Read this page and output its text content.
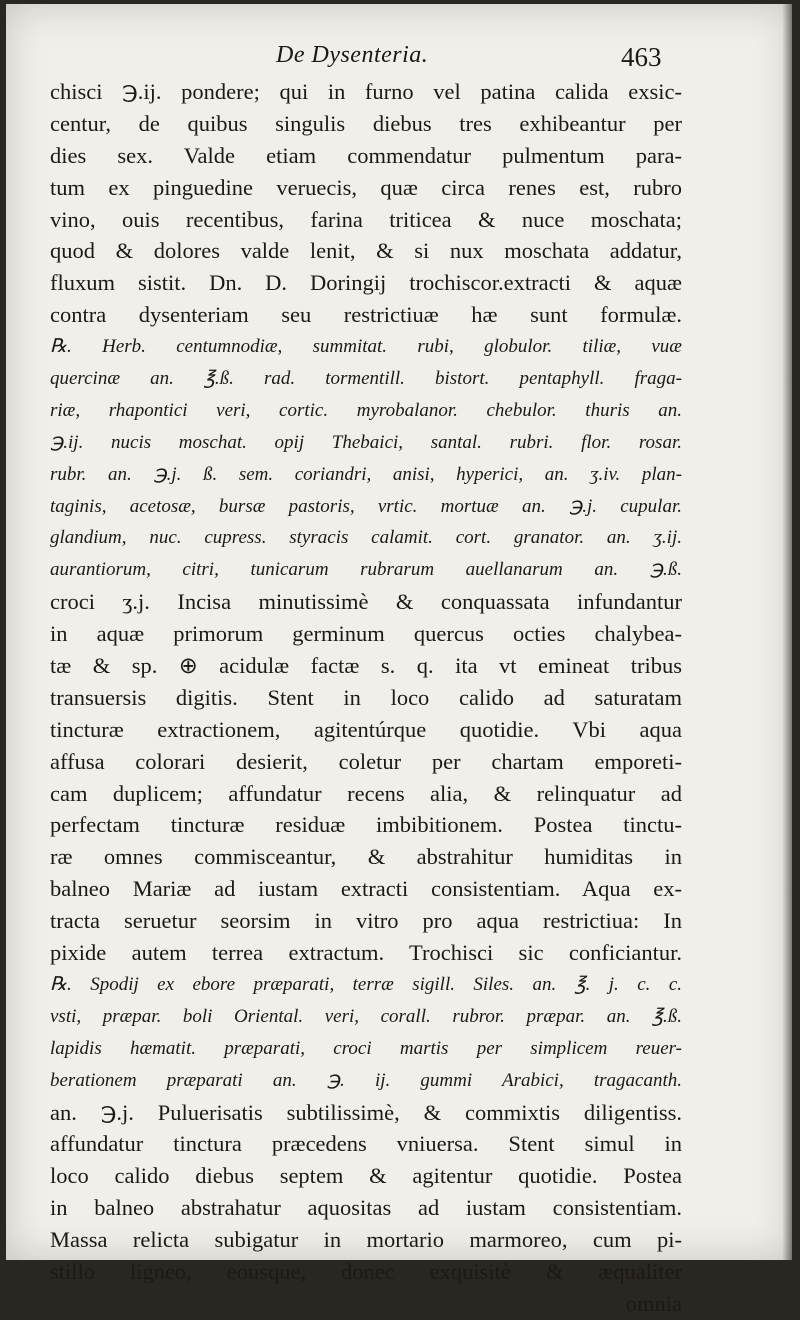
De Dysenteria.	463
chisci ℈.ij. pondere; qui in furno vel patina calida exsic-
centur, de quibus singulis diebus tres exhibeantur per
dies sex. Valde etiam commendatur pulmentum para-
tum ex pinguedine veruecis, quæ circa renes est, rubro
vino, ouis recentibus, farina triticea & nuce moschata;
quod & dolores valde lenit, & si nux moschata addatur,
fluxum sistit. Dn. D. Doringij trochiscor.extracti & aquæ
contra dysenteriam seu restrictiuæ hæ sunt formulæ.
℞. Herb. centumnodiæ, summitat. rubi, globulor. tiliæ, vuæ
quercinæ an. ℥.ß. rad. tormentill. bistort. pentaphyll. fraga-
riæ, rhapontici veri, cortic. myrobalanor. chebulor. thuris an.
℈.ij. nucis moschat. opij Thebaici, santal. rubri. flor. rosar.
rubr. an. ℈.j. ß. sem. coriandri, anisi, hyperici, an. ʒ.iv. plan-
taginis, acetosæ, bursæ pastoris, vrtic. mortuæ an. ℈.j. cupular.
glandium, nuc. cupress. styracis calamit. cort. granator. an. ʒ.ij.
aurantiorum, citri, tunicarum rubrarum auellanarum an. ℈.ß.
croci ʒ.j. Incisa minutissimè & conquassata infundantur
in aquæ primorum germinum quercus octies chalybea-
tæ & sp. ⊕ acidulæ factæ s. q. ita vt emineat tribus
transuersis digitis. Stent in loco calido ad saturatam
tincturæ extractionem, agitentúrque quotidie. Vbi aqua
affusa colorari desierit, coletur per chartam emporeti-
cam duplicem; affundatur recens alia, & relinquatur ad
perfectam tincturæ residuæ imbibitionem. Postea tinctu-
ræ omnes commisceantur, & abstrahitur humiditas in
balneo Mariæ ad iustam extracti consistentiam. Aqua ex-
tracta seruetur seorsim in vitro pro aqua restrictiua: In
pixide autem terrea extractum. Trochisci sic conficiantur.
℞. Spodij ex ebore præparati, terræ sigill. Siles. an. ℥. j. c. c.
vsti, præpar. boli Oriental. veri, corall. rubror. præpar. an. ℥.ß.
lapidis hæmatit. præparati, croci martis per simplicem reuer-
berationem præparati an. ℈. ij. gummi Arabici, tragacanth.
an. ℈.j. Puluerisatis subtilissimè, & commixtis diligentiss.
affundatur tinctura præcedens vniuersa. Stent simul in
loco calido diebus septem & agitentur quotidie. Postea
in balneo abstrahatur aquositas ad iustam consistentiam.
Massa relicta subigatur in mortario marmoreo, cum pi-
stillo ligneo, eousque, donec exquisitè & æqualiter
omnia
